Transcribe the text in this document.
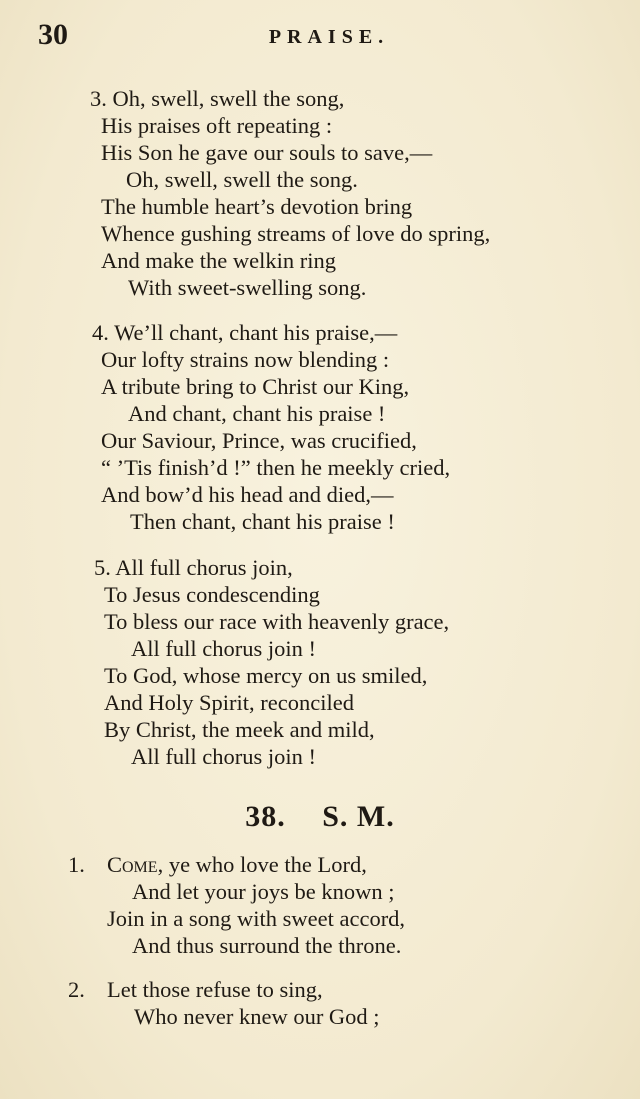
30	PRAISE.
3. Oh, swell, swell the song,
His praises oft repeating :
His Son he gave our souls to save,—
Oh, swell, swell the song.
The humble heart’s devotion bring
Whence gushing streams of love do spring,
And make the welkin ring
With sweet-swelling song.
4. We’ll chant, chant his praise,—
Our lofty strains now blending :
A tribute bring to Christ our King,
And chant, chant his praise !
Our Saviour, Prince, was crucified,
“ ’Tis finish’d !” then he meekly cried,
And bow’d his head and died,—
Then chant, chant his praise !
5. All full chorus join,
To Jesus condescending
To bless our race with heavenly grace,
All full chorus join !
To God, whose mercy on us smiled,
And Holy Spirit, reconciled
By Christ, the meek and mild,
All full chorus join !
38. S. M.
1. Come, ye who love the Lord,
And let your joys be known ;
Join in a song with sweet accord,
And thus surround the throne.
2. Let those refuse to sing,
Who never knew our God ;
